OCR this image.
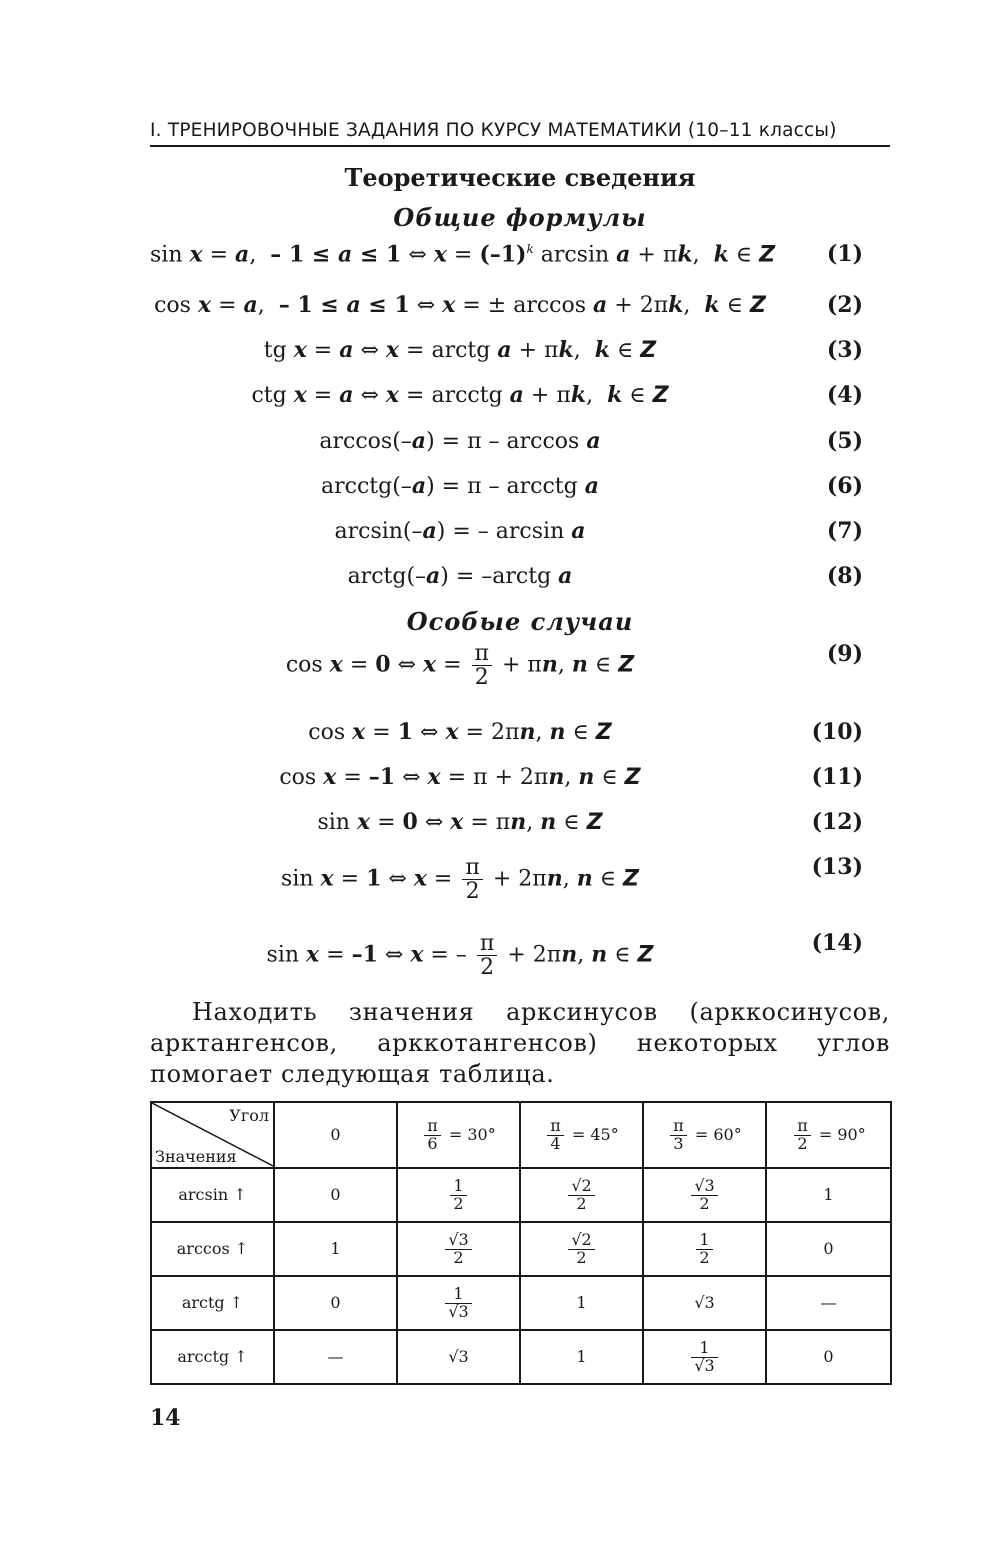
I. ТРЕНИРОВОЧНЫЕ ЗАДАНИЯ ПО КУРСУ МАТЕМАТИКИ (10–11 классы)
Теоретические сведения
Общие формулы
sin x = a,  – 1 ≤ a ≤ 1 ⇔ $x = (-1)^k$ arcsin a + πk,  k ∈ Z (1)
cos x = a,  – 1 ≤ a ≤ 1 ⇔ x = ± arccos a + 2πk,  k ∈ Z	(2)
tg x = a ⇔ x = arctg a + πk,  k ∈ Z	(3)
ctg x = a ⇔ x = arcctg a + πk,  k ∈ Z	(4)
arccos(–a) = π – arccos a	(5)
arcctg(–a) = π – arcctg a	(6)
arcsin(–a) = – arcsin a	(7)
arctg(–a) = –arctg a	(8)
Особые случаи
cos x = 0 ⇔ $x = \frac{\pi}{2} + \pi n$, n ∈ Z	(9)
cos x = 1 ⇔ x = 2πn, n ∈ Z	(10)
cos x = –1 ⇔ x = π + 2πn, n ∈ Z	(11)
sin x = 0 ⇔ x = πn, n ∈ Z	(12)
sin x = 1 ⇔ $x = \frac{\pi}{2} + 2\pi n$, n ∈ Z	(13)
sin x = –1 ⇔ x = – $\frac{\pi}{2} + 2\pi n$, n ∈ Z	(14)
Находить значения арксинусов (арккосинусов, арктангенсов, арккотангенсов) некоторых углов помогает следующая таблица.
Угол
Значения	0	$\frac{\pi}{6} = 30^\circ$	$\frac{\pi}{4} = 45^\circ$	$\frac{\pi}{3} = 60^\circ$	$\frac{\pi}{2} = 90^\circ$
arcsin ↑	0	$\frac{1}{2}$	$\frac{√2}{2}$	$\frac{√3}{2}$	1
arccos ↑	1	$\frac{√3}{2}$	$\frac{√2}{2}$	$\frac{1}{2}$	0
arctg ↑	0	$\frac{1}{√3}$	1	√3	—
arcctg ↑	—	√3	1	$\frac{1}{√3}$	0
14
